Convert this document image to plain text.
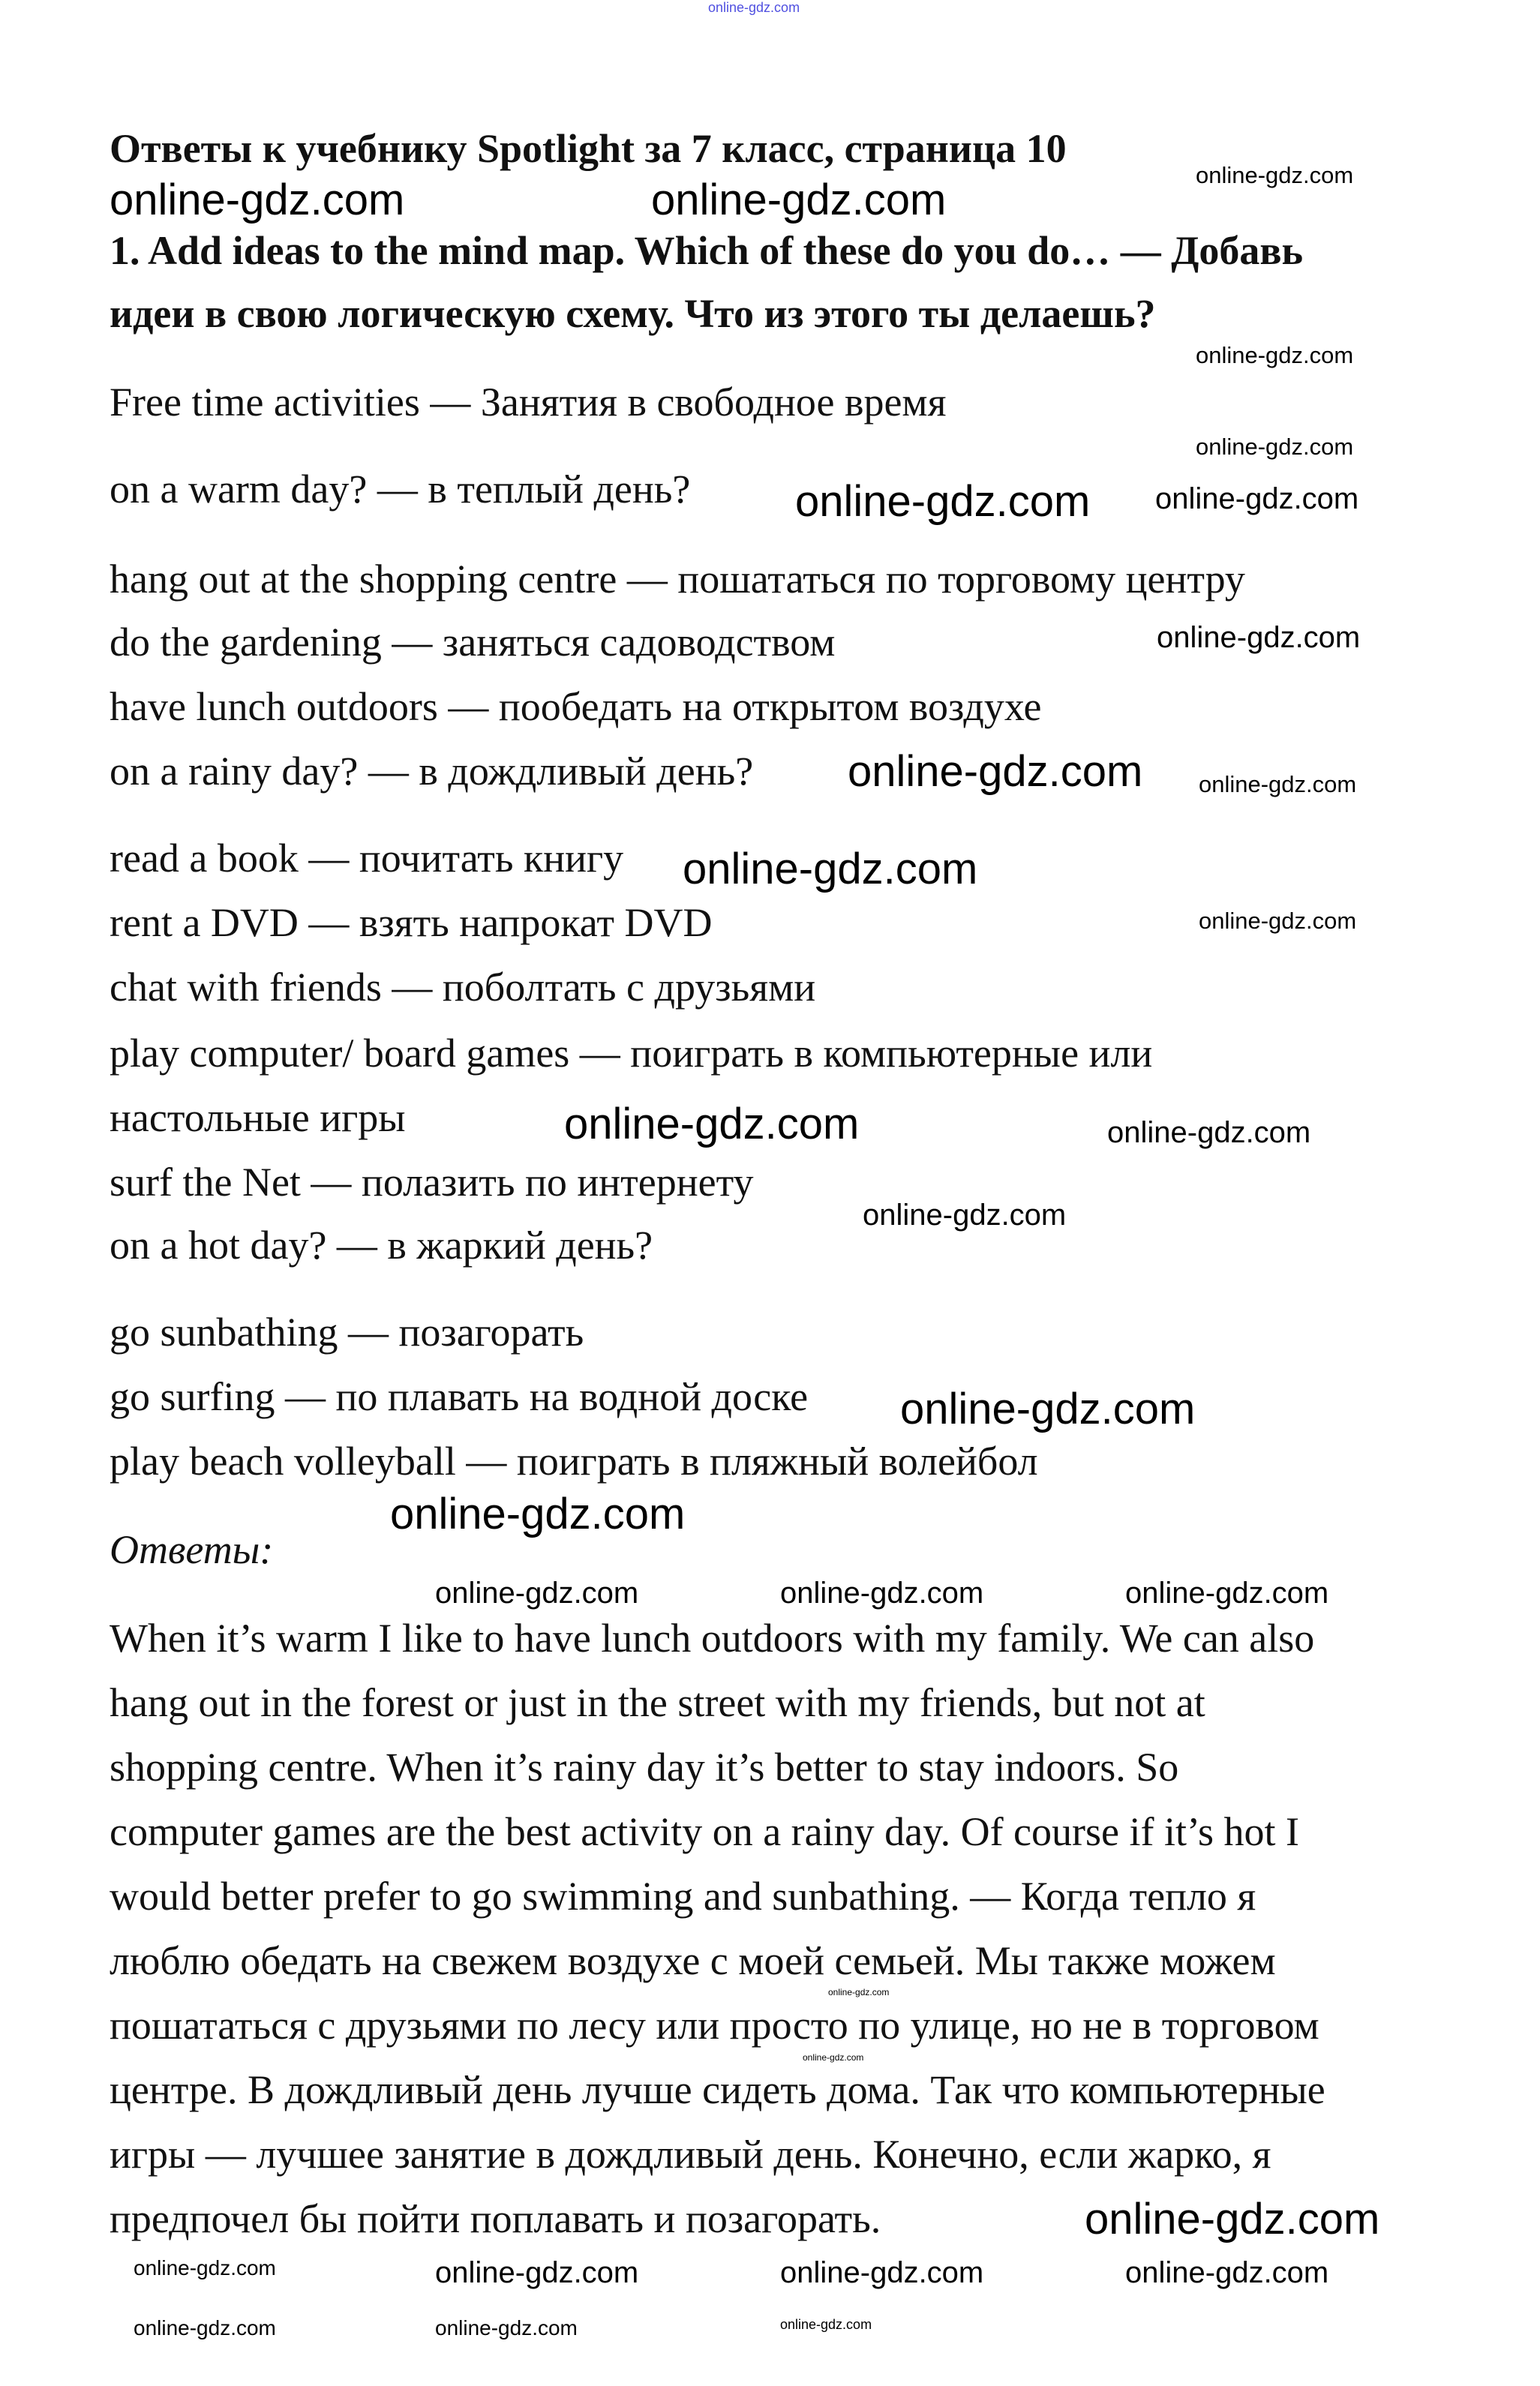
Ответы к учебнику Spotlight за 7 класс, страница 10
1. Add ideas to the mind map. Which of these do you do… — Добавь
идеи в свою логическую схему. Что из этого ты делаешь?
Free time activities — Занятия в свободное время
on a warm day? — в теплый день?
hang out at the shopping centre — пошататься по торговому центру
do the gardening — заняться садоводством
have lunch outdoors — пообедать на открытом воздухе
on a rainy day? — в дождливый день?
read a book — почитать книгу
rent a DVD — взять напрокат DVD
chat with friends — поболтать с друзьями
play computer/ board games — поиграть в компьютерные или
настольные игры
surf the Net — полазить по интернету
on a hot day? — в жаркий день?
go sunbathing — позагорать
go surfing — по плавать на водной доске
play beach volleyball — поиграть в пляжный волейбол
Ответы:
When it’s warm I like to have lunch outdoors with my family. We can also
hang out in the forest or just in the street with my friends, but not at
shopping centre. When it’s rainy day it’s better to stay indoors. So
computer games are the best activity on a rainy day. Of course if it’s hot I
would better prefer to go swimming and sunbathing. — Когда тепло я
люблю обедать на свежем воздухе с моей семьей. Мы также можем
пошататься с друзьями по лесу или просто по улице, но не в торговом
центре. В дождливый день лучше сидеть дома. Так что компьютерные
игры — лучшее занятие в дождливый день. Конечно, если жарко, я
предпочел бы пойти поплавать и позагорать.
online-gdz.com
online-gdz.com
online-gdz.com	online-gdz.com
online-gdz.com
online-gdz.com
online-gdz.com
online-gdz.com
online-gdz.com
online-gdz.com
online-gdz.com
online-gdz.com
online-gdz.com
online-gdz.com	online-gdz.com
online-gdz.com
online-gdz.com
online-gdz.com
online-gdz.com
online-gdz.com
online-gdz.com	online-gdz.com
online-gdz.com
online-gdz.com
online-gdz.com
online-gdz.com
online-gdz.com
online-gdz.com
online-gdz.com
online-gdz.com
online-gdz.com
